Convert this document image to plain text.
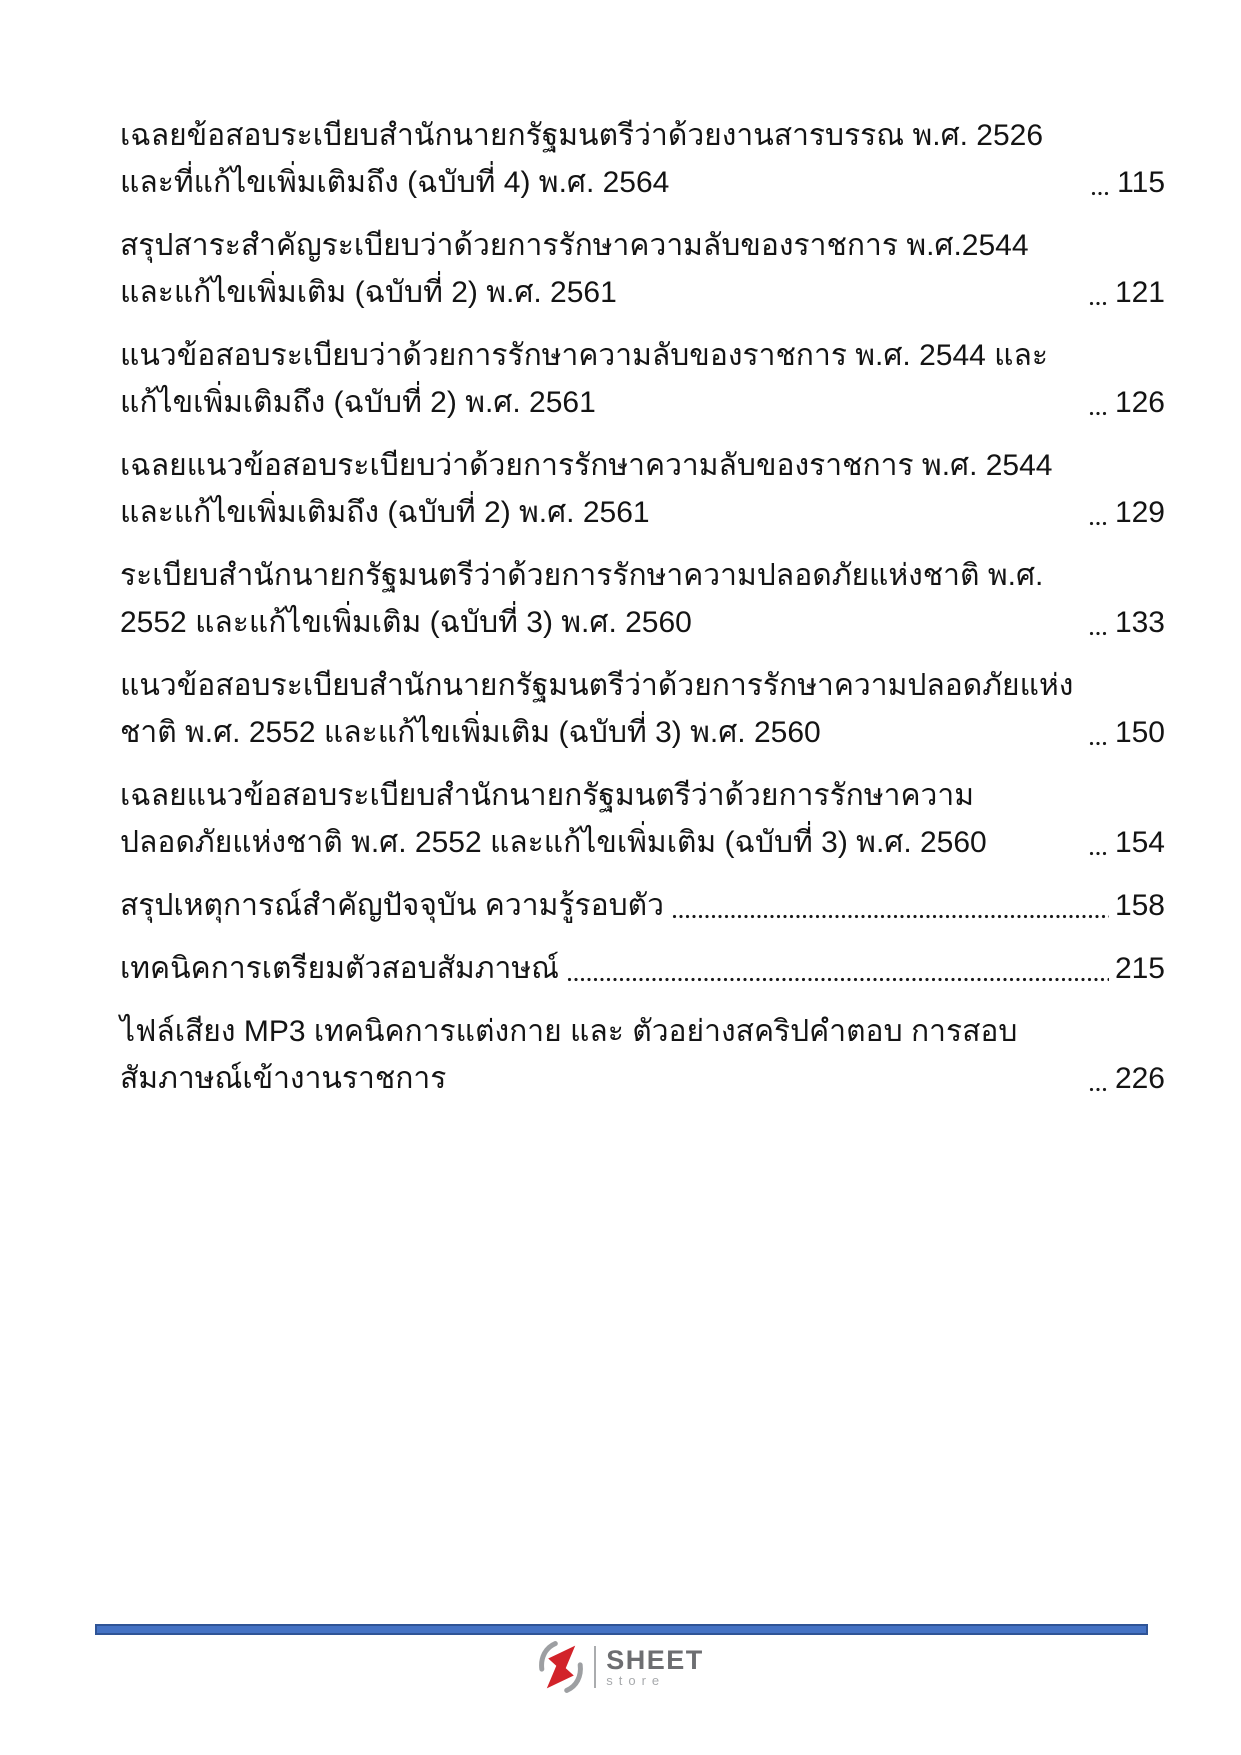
เฉลยข้อสอบระเบียบสำนักนายกรัฐมนตรีว่าด้วยงานสารบรรณ พ.ศ. 2526 และที่แก้ไขเพิ่มเติมถึง (ฉบับที่ 4) พ.ศ. 2564	115
สรุปสาระสำคัญระเบียบว่าด้วยการรักษาความลับของราชการ พ.ศ.2544 และแก้ไขเพิ่มเติม (ฉบับที่ 2) พ.ศ. 2561	121
แนวข้อสอบระเบียบว่าด้วยการรักษาความลับของราชการ พ.ศ. 2544 และแก้ไขเพิ่มเติมถึง (ฉบับที่ 2) พ.ศ. 2561	126
เฉลยแนวข้อสอบระเบียบว่าด้วยการรักษาความลับของราชการ พ.ศ. 2544 และแก้ไขเพิ่มเติมถึง (ฉบับที่ 2) พ.ศ. 2561	129
ระเบียบสำนักนายกรัฐมนตรีว่าด้วยการรักษาความปลอดภัยแห่งชาติ พ.ศ. 2552 และแก้ไขเพิ่มเติม (ฉบับที่ 3) พ.ศ. 2560	133
แนวข้อสอบระเบียบสำนักนายกรัฐมนตรีว่าด้วยการรักษาความปลอดภัยแห่งชาติ พ.ศ. 2552 และแก้ไขเพิ่มเติม (ฉบับที่ 3) พ.ศ. 2560	150
เฉลยแนวข้อสอบระเบียบสำนักนายกรัฐมนตรีว่าด้วยการรักษาความปลอดภัยแห่งชาติ พ.ศ. 2552 และแก้ไขเพิ่มเติม (ฉบับที่ 3) พ.ศ. 2560	154
สรุปเหตุการณ์สำคัญปัจจุบัน ความรู้รอบตัว	158
เทคนิคการเตรียมตัวสอบสัมภาษณ์	215
ไฟล์เสียง MP3 เทคนิคการแต่งกาย และ ตัวอย่างสคริปคำตอบ การสอบสัมภาษณ์เข้างานราชการ	226
SHEET
store
